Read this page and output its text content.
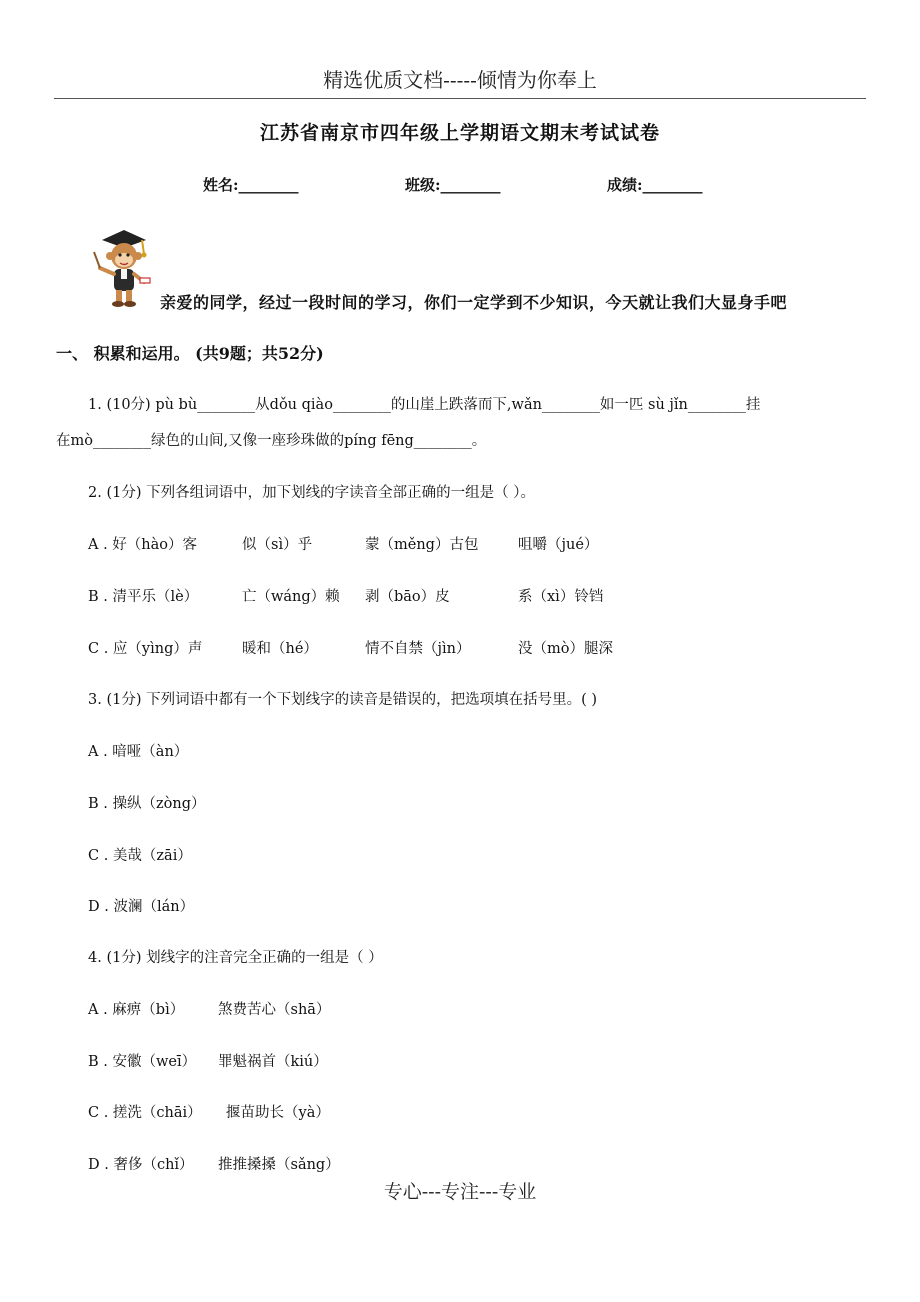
精选优质文档-----倾情为你奉上
江苏省南京市四年级上学期语文期末考试试卷
姓名:________	班级:________	成绩:________
亲爱的同学，经过一段时间的学习，你们一定学到不少知识，今天就让我们大显身手吧
一、 积累和运用。 (共9题；共52分)
1. (10分) pù bù________从dǒu qiào________的山崖上跌落而下,wǎn________如一匹 sù jǐn________挂
在mò________绿色的山间,又像一座珍珠做的píng fēng________。
2. (1分) 下列各组词语中，加下划线的字读音全部正确的一组是（ ）。
A . 好（hào）客	似（sì）乎	蒙（měng）古包	咀嚼（jué）
B . 清平乐（lè）	亡（wáng）赖 剥（bāo）皮	系（xì）铃铛
C . 应（yìng）声	暖和（hé）	情不自禁（jìn）	没（mò）腿深
3. (1分) 下列词语中都有一个下划线字的读音是错误的，把选项填在括号里。( )
A . 喑哑（àn）
B . 操纵（zòng）
C . 美哉（zāi）
D . 波澜（lán）
4. (1分) 划线字的注音完全正确的一组是（ ）
A . 麻痹（bì） 煞费苦心（shā）
B . 安徽（weī） 罪魁祸首（kiú）
C . 搓洗（chāi） 揠苗助长（yà）
D . 奢侈（chǐ） 推推搡搡（sǎng）
专心---专注---专业
